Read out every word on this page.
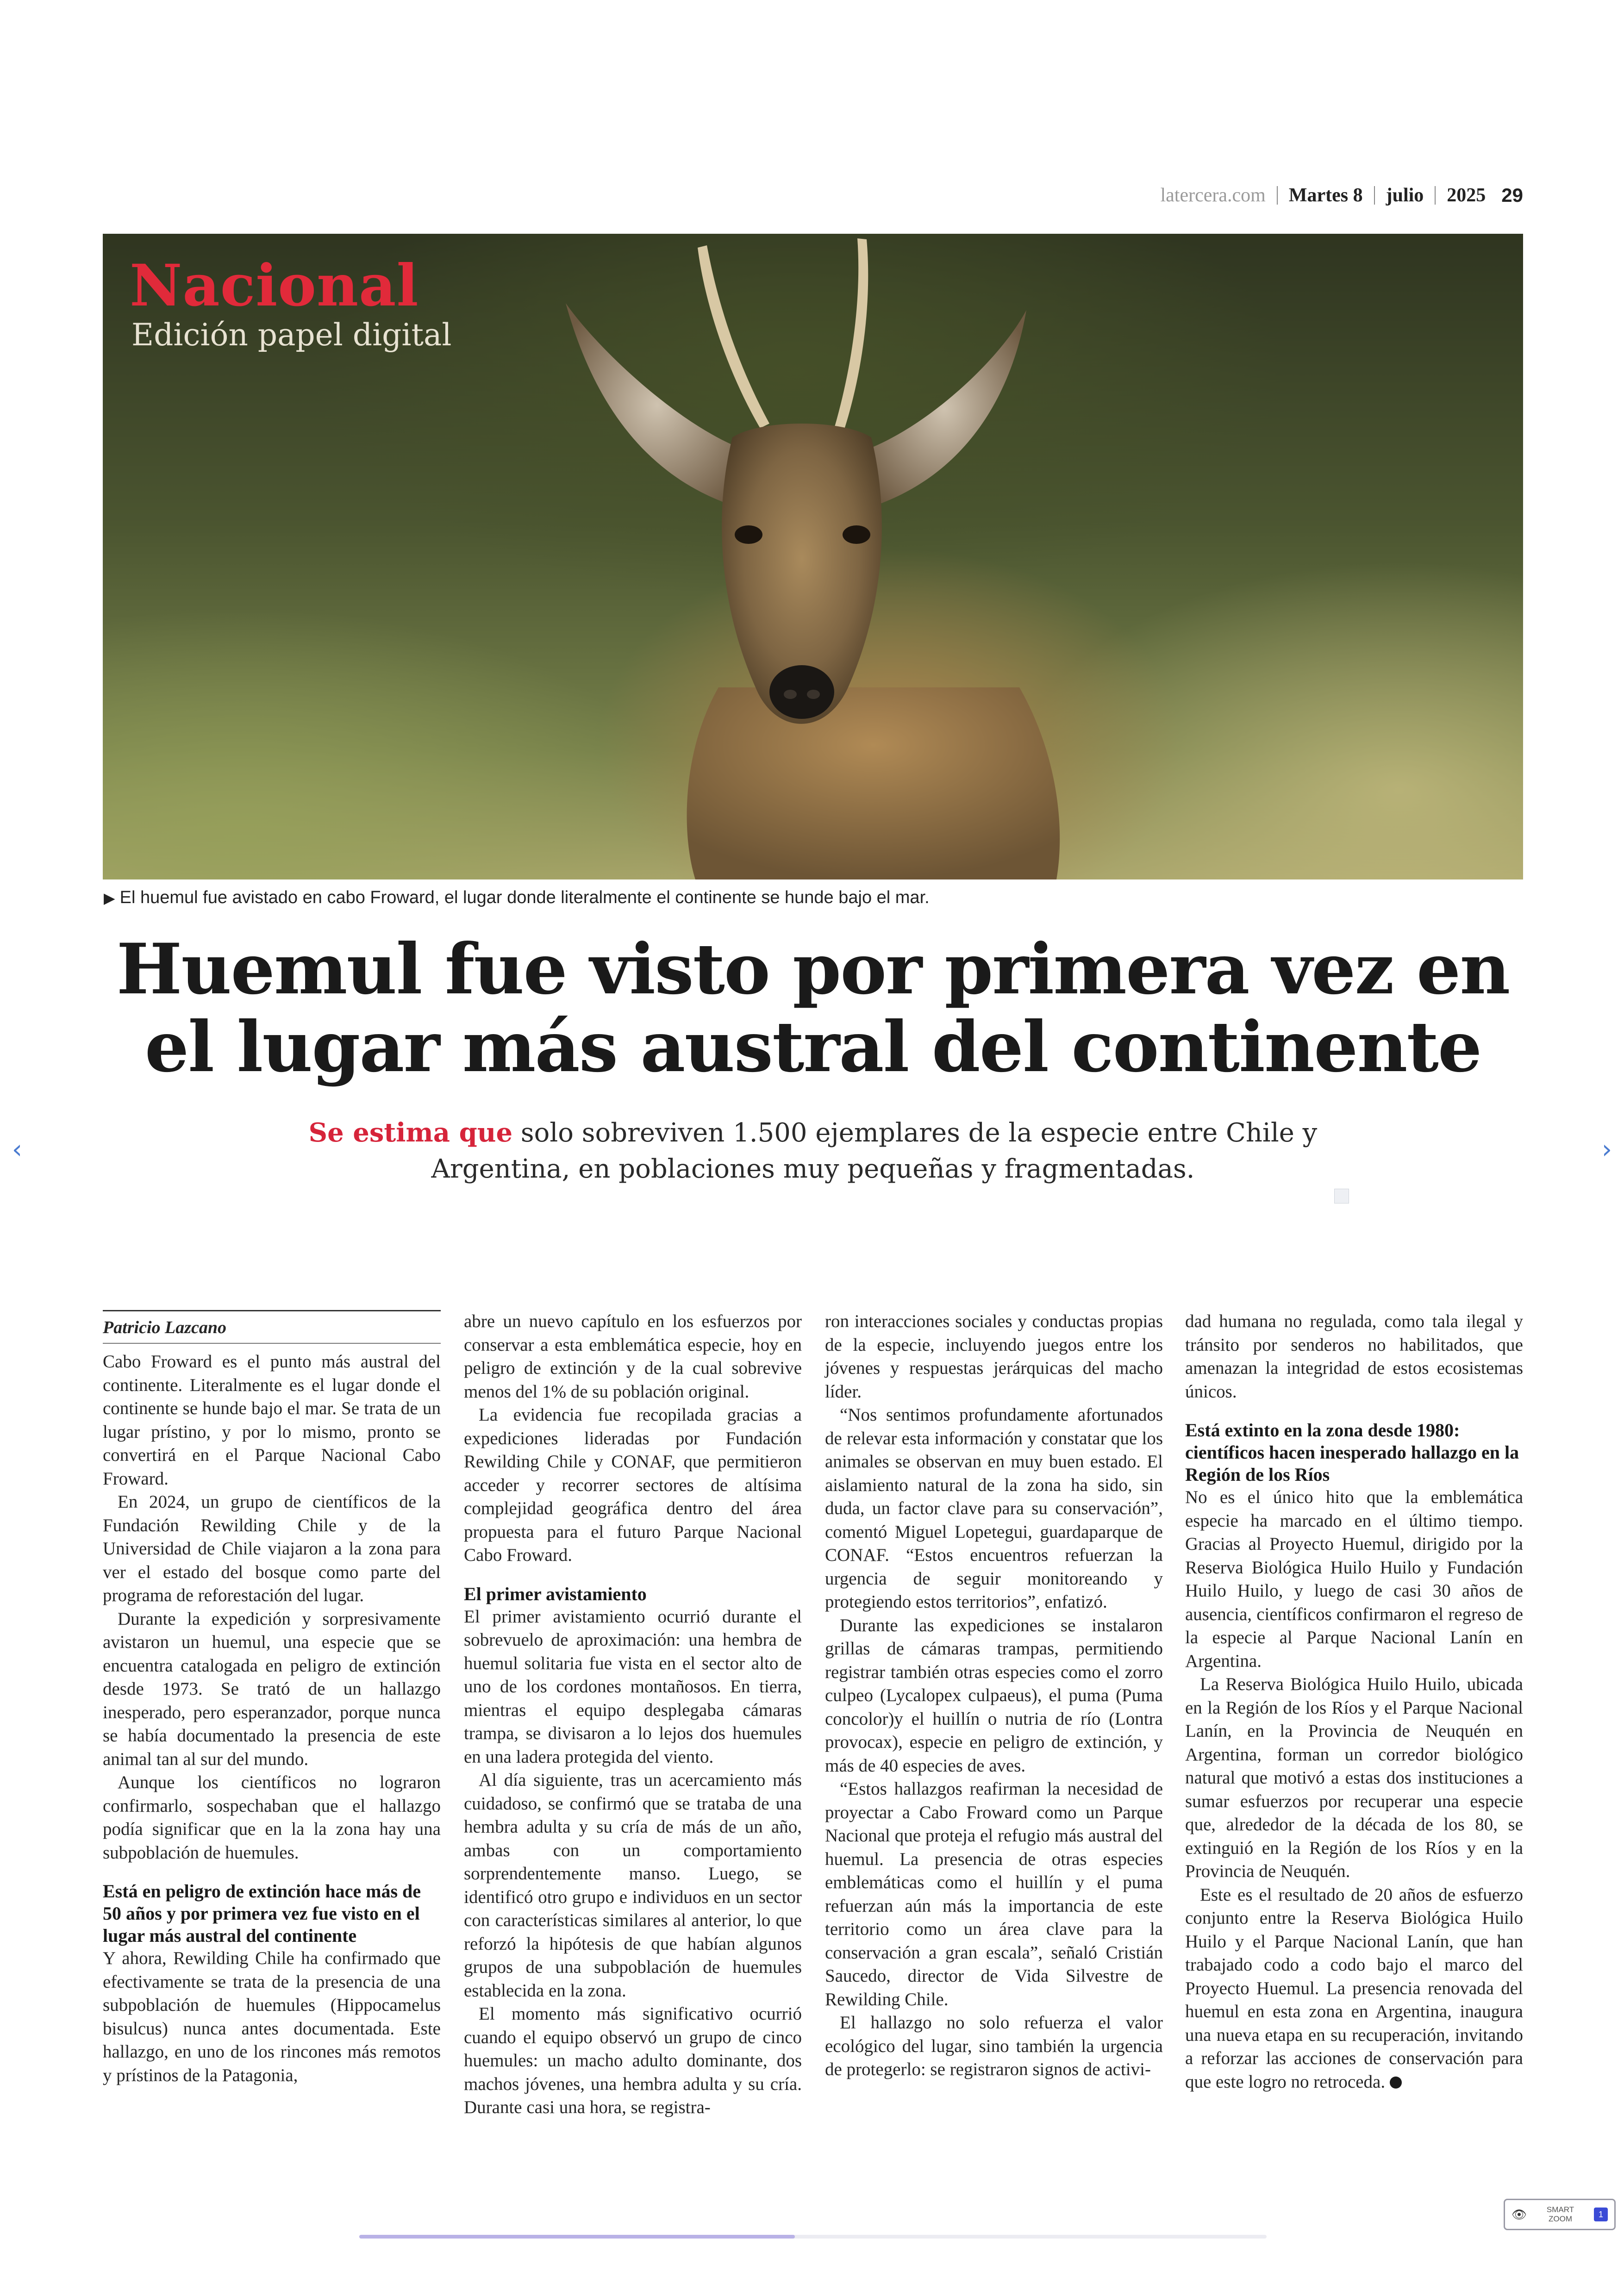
latercera.com Martes
8 julio 2025 29
Nacional
Edición papel digital
▶ El huemul fue avistado en cabo Froward, el lugar donde literalmente el continente se hunde bajo el mar.
Huemul fue visto por primera vez en
el lugar más austral del continente
Se estima que solo sobreviven 1.500 ejemplares de la especie entre Chile y Argentina, en poblaciones muy pequeñas y fragmentadas.
‹	›
Patricio Lazcano

Cabo Froward es el punto más austral del continente. Literalmente es el lugar donde el continente se hunde bajo el mar. Se trata de un lugar prístino, y por lo mismo, pronto se convertirá en el Parque Nacional Cabo Froward.

En 2024, un grupo de científicos de la Fundación Rewilding Chile y de la Universidad de Chile viajaron a la zona para ver el estado del bosque como parte del programa de reforestación del lugar.

Durante la expedición y sorpresivamente avistaron un huemul, una especie que se encuentra catalogada en peligro de extinción desde 1973. Se trató de un hallazgo inesperado, pero esperanzador, porque nunca se había documentado la presencia de este animal tan al sur del mundo.

Aunque los científicos no lograron confirmarlo, sospechaban que el hallazgo podía significar que en la la zona hay una subpoblación de huemules.

Está en peligro de extinción hace más de 50 años y por primera vez fue visto en el lugar más austral del continente

Y ahora, Rewilding Chile ha confirmado que efectivamente se trata de la presencia de una subpoblación de huemules (Hippocamelus bisulcus) nunca antes documentada. Este hallazgo, en uno de los rincones más remotos y prístinos de la Patagonia,

abre un nuevo capítulo en los esfuerzos por conservar a esta emblemática especie, hoy en peligro de extinción y de la cual sobrevive menos del 1% de su población original.

La evidencia fue recopilada gracias a expediciones lideradas por Fundación Rewilding Chile y CONAF, que permitieron acceder y recorrer sectores de altísima complejidad geográfica dentro del área propuesta para el futuro Parque Nacional Cabo Froward.

El primer avistamiento

El primer avistamiento ocurrió durante el sobrevuelo de aproximación: una hembra de huemul solitaria fue vista en el sector alto de uno de los cordones montañosos. En tierra, mientras el equipo desplegaba cámaras trampa, se divisaron a lo lejos dos huemules en una ladera protegida del viento.

Al día siguiente, tras un acercamiento más cuidadoso, se confirmó que se trataba de una hembra adulta y su cría de más de un año, ambas con un comportamiento sorprendentemente manso. Luego, se identificó otro grupo e individuos en un sector con características similares al anterior, lo que reforzó la hipótesis de que habían algunos grupos de una subpoblación de huemules establecida en la zona.

El momento más significativo ocurrió cuando el equipo observó un grupo de cinco huemules: un macho adulto dominante, dos machos jóvenes, una hembra adulta y su cría. Durante casi una hora, se registra-

ron interacciones sociales y conductas propias de la especie, incluyendo juegos entre los jóvenes y respuestas jerárquicas del macho líder.

“Nos sentimos profundamente afortunados de relevar esta información y constatar que los animales se observan en muy buen estado. El aislamiento natural de la zona ha sido, sin duda, un factor clave para su conservación”, comentó Miguel Lopetegui, guardaparque de CONAF. “Estos encuentros refuerzan la urgencia de seguir monitoreando y protegiendo estos territorios”, enfatizó.

Durante las expediciones se instalaron grillas de cámaras trampas, permitiendo registrar también otras especies como el zorro culpeo (Lycalopex culpaeus), el puma (Puma concolor)y el huillín o nutria de río (Lontra provocax), especie en peligro de extinción, y más de 40 especies de aves.

“Estos hallazgos reafirman la necesidad de proyectar a Cabo Froward como un Parque Nacional que proteja el refugio más austral del huemul. La presencia de otras especies emblemáticas como el huillín y el puma refuerzan aún más la importancia de este territorio como un área clave para la conservación a gran escala”, señaló Cristián Saucedo, director de Vida Silvestre de Rewilding Chile.

El hallazgo no solo refuerza el valor ecológico del lugar, sino también la urgencia de protegerlo: se registraron signos de activi-

dad humana no regulada, como tala ilegal y tránsito por senderos no habilitados, que amenazan la integridad de estos ecosistemas únicos.

Está extinto en la zona desde 1980: científicos hacen inesperado hallazgo en la Región de los Ríos

No es el único hito que la emblemática especie ha marcado en el último tiempo. Gracias al Proyecto Huemul, dirigido por la Reserva Biológica Huilo Huilo y Fundación Huilo Huilo, y luego de casi 30 años de ausencia, científicos confirmaron el regreso de la especie al Parque Nacional Lanín en Argentina.

La Reserva Biológica Huilo Huilo, ubicada en la Región de los Ríos y el Parque Nacional Lanín, en la Provincia de Neuquén en Argentina, forman un corredor biológico natural que motivó a estas dos instituciones a sumar esfuerzos por recuperar una especie que, alrededor de la década de los 80, se extinguió en la Región de los Ríos y en la Provincia de Neuquén.

Este es el resultado de 20 años de esfuerzo conjunto entre la Reserva Biológica Huilo Huilo y el Parque Nacional Lanín, que han trabajado codo a codo bajo el marco del Proyecto Huemul. La presencia renovada del huemul en esta zona en Argentina, inaugura una nueva etapa en su recuperación, invitando a reforzar las acciones de conservación para que este logro no retroceda.

👁	SMART
ZOOM	1
